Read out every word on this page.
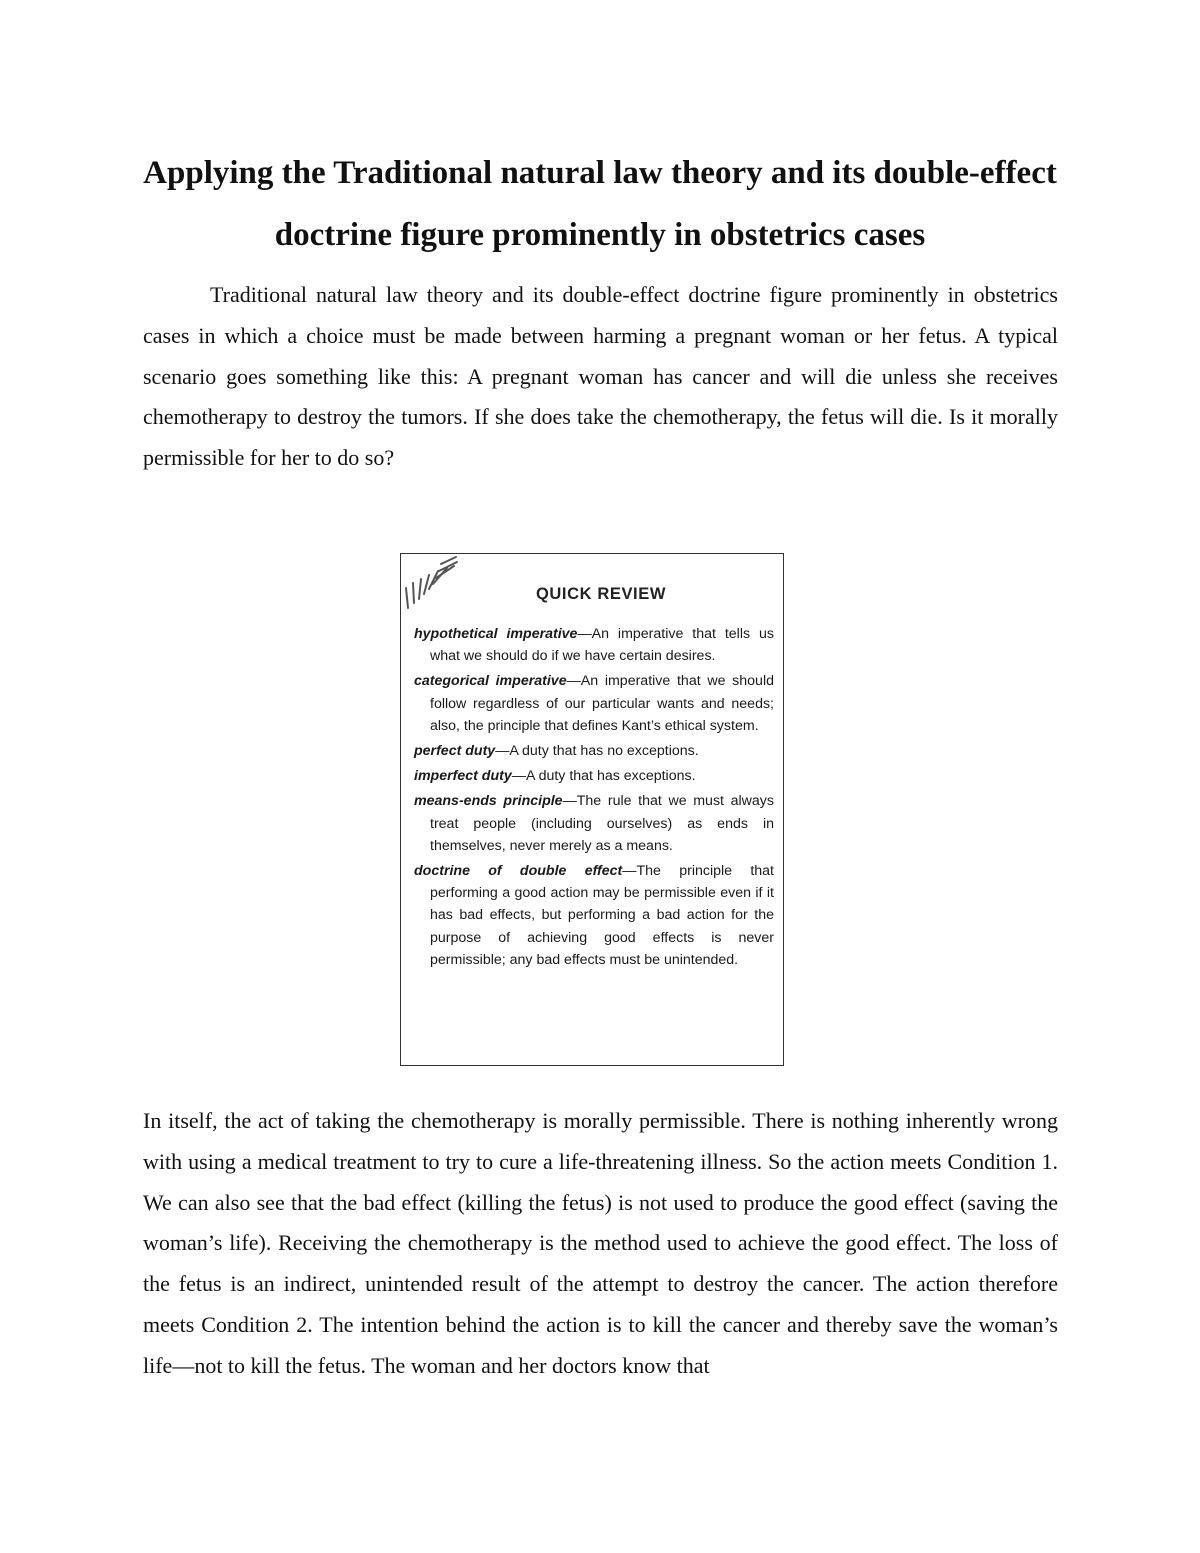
Applying the Traditional natural law theory and its double-effect doctrine figure prominently in obstetrics cases

Traditional natural law theory and its double-effect doctrine figure prominently in obstetrics cases in which a choice must be made between harming a pregnant woman or her fetus. A typical scenario goes something like this: A pregnant woman has cancer and will die unless she receives chemotherapy to destroy the tumors. If she does take the chemotherapy, the fetus will die. Is it morally permissible for her to do so?

QUICK REVIEW
hypothetical imperative—An imperative that tells us what we should do if we have certain desires.
categorical imperative—An imperative that we should follow regardless of our particular wants and needs; also, the principle that defines Kant’s ethical system.
perfect duty—A duty that has no exceptions.
imperfect duty—A duty that has exceptions.
means-ends principle—The rule that we must always treat people (including ourselves) as ends in themselves, never merely as a means.
doctrine of double effect—The principle that performing a good action may be permissible even if it has bad effects, but performing a bad action for the purpose of achieving good effects is never permissible; any bad effects must be unintended.

In itself, the act of taking the chemotherapy is morally permissible. There is nothing inherently wrong with using a medical treatment to try to cure a life-threatening illness. So the action meets Condition 1. We can also see that the bad effect (killing the fetus) is not used to produce the good effect (saving the woman’s life). Receiving the chemotherapy is the method used to achieve the good effect. The loss of the fetus is an indirect, unintended result of the attempt to destroy the cancer. The action therefore meets Condition 2. The intention behind the action is to kill the cancer and thereby save the woman’s life—not to kill the fetus. The woman and her doctors know that
